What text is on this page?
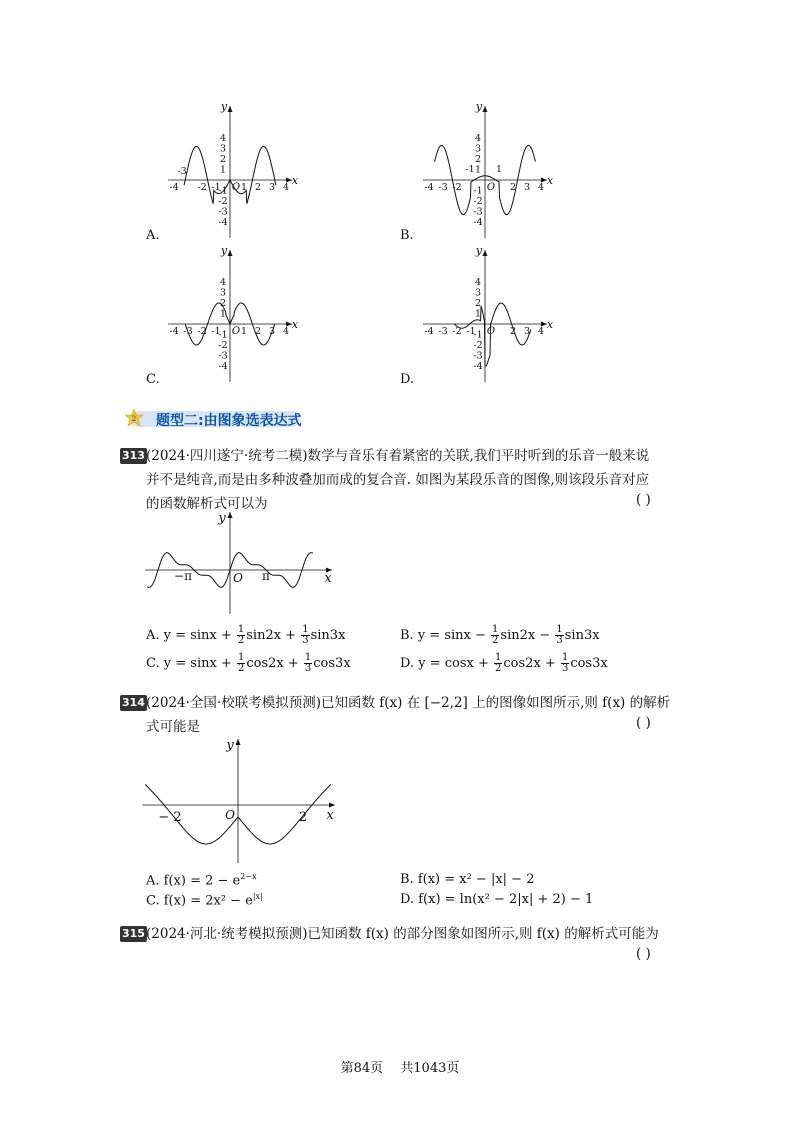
y
x
O
-4 -2 -1 1 2 3 4
4
3
2
1
-1
-2
-3
-4
-3
y
x
O
-4 -3 -2	2 3 4
4
3
2
1
-1
-2
-3
-4
-1 1
y
x
O
-4 -3 -2 -1 1 2 3 4
4
3
2
1
-1
-2
-3
-4
y
x
O
-4 -3 -2 -1	2 3 4
4
3
2
1
-1
-2
-3
-4
A.	B.
C.	D.
2 题型二:由图象选表达式
313 (2024·四川遂宁·统考二模)数学与音乐有着紧密的关联,我们平时听到的乐音一般来说
并不是纯音,而是由多种波叠加而成的复合音. 如图为某段乐音的图像,则该段乐音对应
的函数解析式可以为	( )
y
x
O
−π	π
A. $y = \sin x + \frac{1}{2} \sin 2x + \frac{1}{3} \sin 3x$	B. $y = \sin x - \frac{1}{2} \sin 2x - \frac{1}{3} \sin 3x$
C. $y = \sin x + \frac{1}{2} \cos 2x + \frac{1}{3} \cos 3x$	D. $y = \cos x + \frac{1}{2} \cos 2x + \frac{1}{3} \cos 3x$
314 (2024·全国·校联考模拟预测)已知函数 f(x) 在 [−2,2] 上的图像如图所示,则 f(x) 的解析
式可能是	( )
y
x
O
− 2	2
A. $f(x) = 2 - e^{2-x}$	B. f(x) = x² − |x| − 2
C. $f(x) = 2x^2 - e^{|x|}$	D. f(x) = ln(x² − 2|x| + 2) − 1
315 (2024·河北·统考模拟预测)已知函数 f(x) 的部分图象如图所示,则 f(x) 的解析式可能为
( )
第84页　 共1043页
